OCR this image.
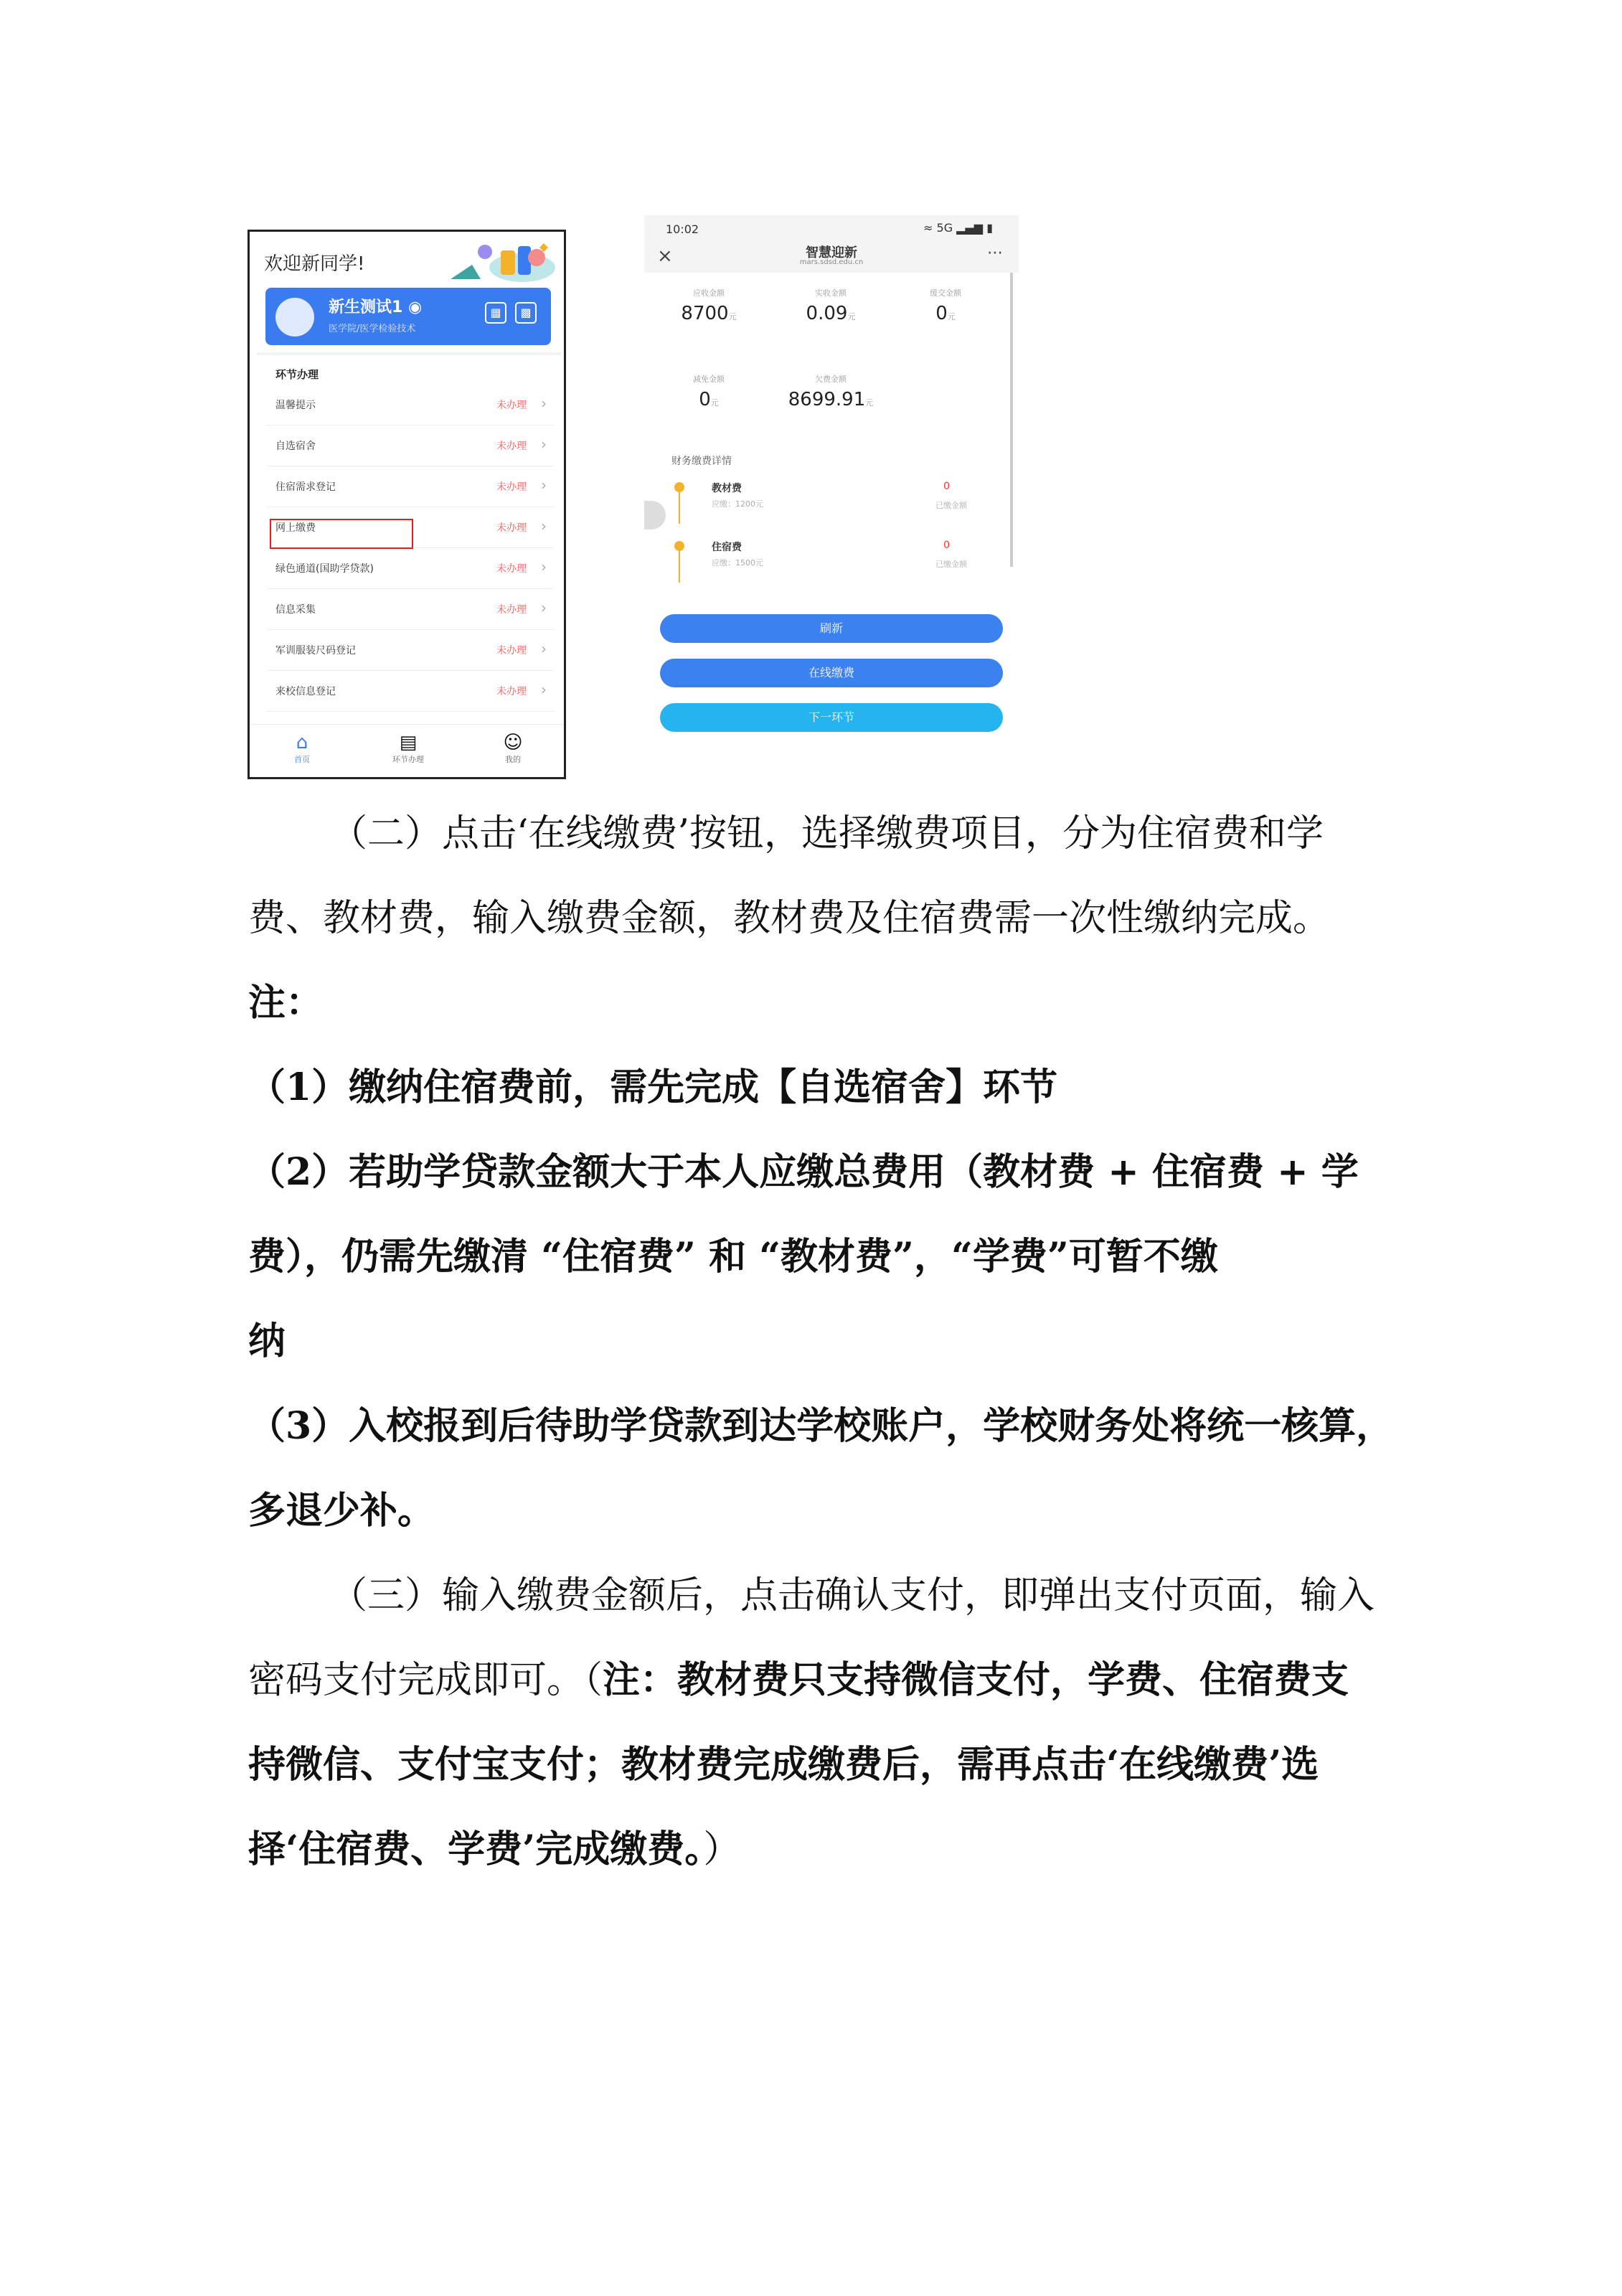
欢迎新同学!
新生测试1 ◉
医学院/医学检验技术
▦	▩
环节办理
温馨提示	未办理 ›
自选宿舍	未办理 ›
住宿需求登记	未办理 ›
网上缴费	未办理 ›
绿色通道(国助学贷款)	未办理 ›
信息采集	未办理 ›
军训服装尺码登记	未办理 ›
来校信息登记	未办理 ›
⌂
首页
▤
环节办理
☺
我的
10:02	≈ 5G ▂▄▆ ▮
×	智慧迎新
mars.sdsd.edu.cn
⋯
应收金额
8700元
实收金额
0.09元
缓交金额
0元
减免金额
0元
欠费金额
8699.91元
财务缴费详情
教材费
应缴：1200元
0
已缴金额
住宿费
应缴：1500元
0
已缴金额
刷新
在线缴费
下一环节
（二）点击‘在线缴费’按钮，选择缴费项目，分为住宿费和学
费、教材费，输入缴费金额，教材费及住宿费需一次性缴纳完成。
注：
（1）缴纳住宿费前，需先完成【自选宿舍】环节
（2）若助学贷款金额大于本人应缴总费用（教材费 + 住宿费 + 学
费），仍需先缴清 “住宿费” 和 “教材费”，“学费”可暂不缴
纳
（3）入校报到后待助学贷款到达学校账户，学校财务处将统一核算，
多退少补。
（三）输入缴费金额后，点击确认支付，即弹出支付页面，输入
密码支付完成即可。（注：教材费只支持微信支付，学费、住宿费支
持微信、支付宝支付；教材费完成缴费后，需再点击‘在线缴费’选
择‘住宿费、学费’完成缴费。）
